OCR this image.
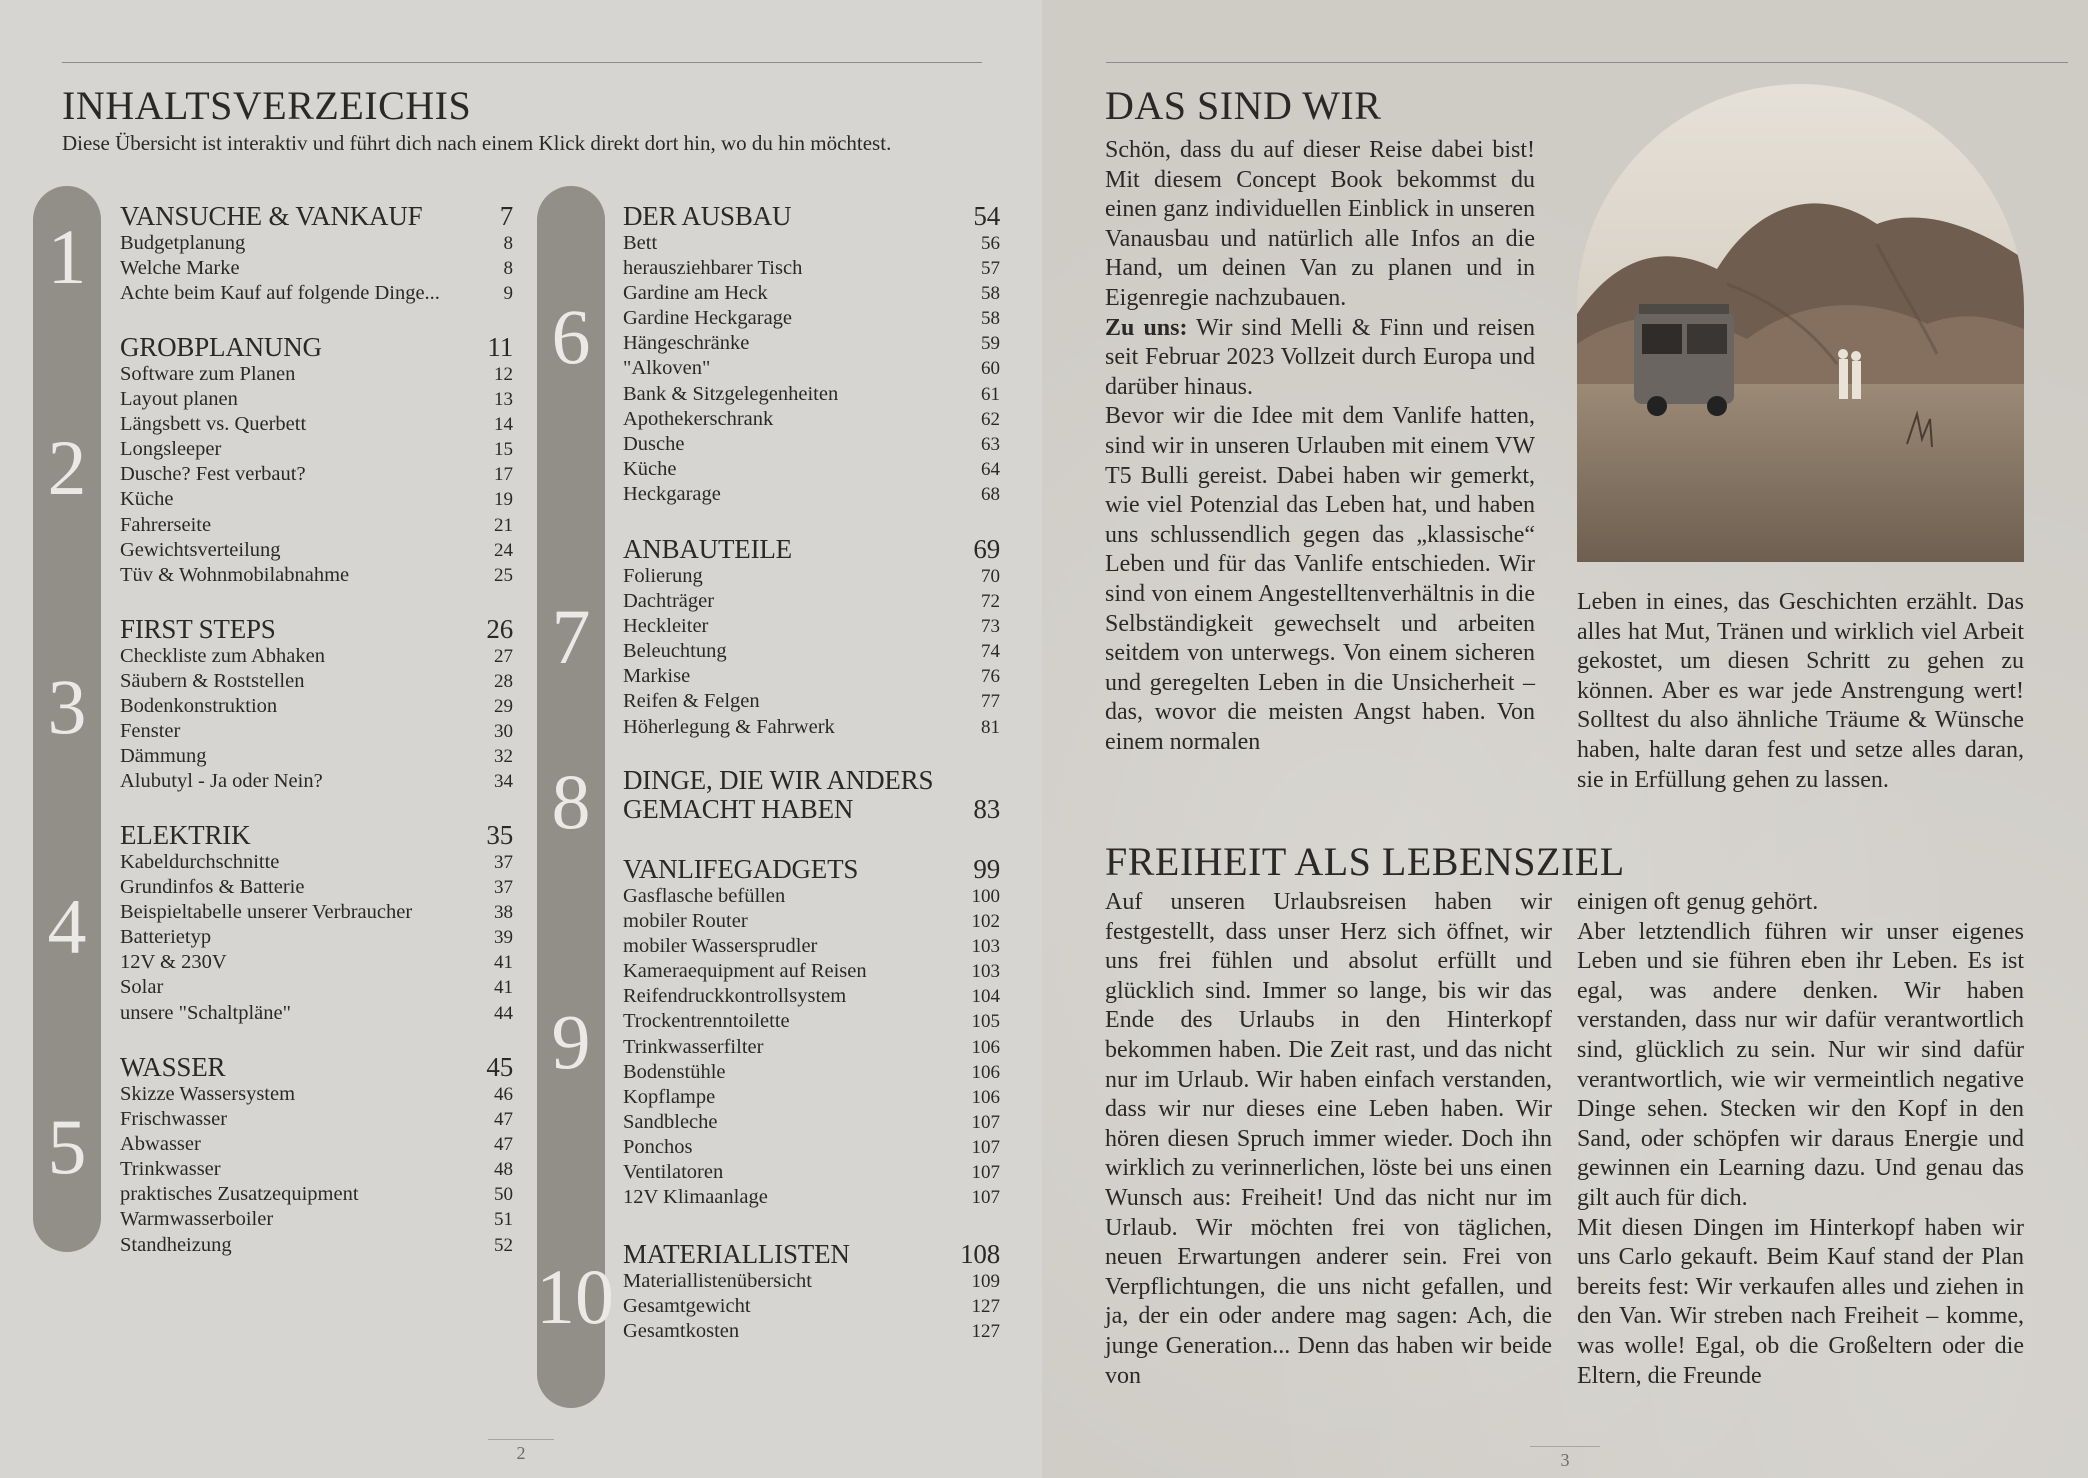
INHALTSVERZEICHIS
Diese Übersicht ist interaktiv und führt dich nach einem Klick direkt dort hin, wo du hin möchtest.
1
2
3
4
5
6
7
8
9
10
VANSUCHE & VANKAUF	7
Budgetplanung	8
Welche Marke	8
Achte beim Kauf auf folgende Dinge...	9
GROBPLANUNG	11
Software zum Planen	12
Layout planen	13
Längsbett vs. Querbett	14
Longsleeper	15
Dusche? Fest verbaut?	17
Küche	19
Fahrerseite	21
Gewichtsverteilung	24
Tüv & Wohnmobilabnahme	25
FIRST STEPS	26
Checkliste zum Abhaken	27
Säubern & Roststellen	28
Bodenkonstruktion	29
Fenster	30
Dämmung	32
Alubutyl - Ja oder Nein?	34
ELEKTRIK	35
Kabeldurchschnitte	37
Grundinfos & Batterie	37
Beispieltabelle unserer Verbraucher	38
Batterietyp	39
12V & 230V	41
Solar	41
unsere "Schaltpläne"	44
WASSER	45
Skizze Wassersystem	46
Frischwasser	47
Abwasser	47
Trinkwasser	48
praktisches Zusatzequipment	50
Warmwasserboiler	51
Standheizung	52
DER AUSBAU	54
Bett	56
herausziehbarer Tisch	57
Gardine am Heck	58
Gardine Heckgarage	58
Hängeschränke	59
"Alkoven"	60
Bank & Sitzgelegenheiten	61
Apothekerschrank	62
Dusche	63
Küche	64
Heckgarage	68
ANBAUTEILE	69
Folierung	70
Dachträger	72
Heckleiter	73
Beleuchtung	74
Markise	76
Reifen & Felgen	77
Höherlegung & Fahrwerk	81
DINGE, DIE WIR ANDERS
GEMACHT HABEN	83
VANLIFEGADGETS	99
Gasflasche befüllen	100
mobiler Router	102
mobiler Wassersprudler	103
Kameraequipment auf Reisen	103
Reifendruckkontrollsystem	104
Trockentrenntoilette	105
Trinkwasserfilter	106
Bodenstühle	106
Kopflampe	106
Sandbleche	107
Ponchos	107
Ventilatoren	107
12V Klimaanlage	107
MATERIALLISTEN	108
Materiallistenübersicht	109
Gesamtgewicht	127
Gesamtkosten	127
2
DAS SIND WIR

Schön, dass du auf dieser Reise dabei bist! Mit diesem Concept Book bekommst du einen ganz individuellen Einblick in unseren Vanausbau und natürlich alle Infos an die Hand, um deinen Van zu planen und in Eigenregie nachzubauen.

Zu uns: Wir sind Melli & Finn und reisen seit Februar 2023 Vollzeit durch Europa und darüber hinaus.

Bevor wir die Idee mit dem Vanlife hatten, sind wir in unseren Urlauben mit einem VW T5 Bulli gereist. Dabei haben wir gemerkt, wie viel Potenzial das Leben hat, und haben uns schlussendlich gegen das „klassische“ Leben und für das Vanlife entschieden. Wir sind von einem Angestelltenverhältnis in die Selbständigkeit gewechselt und arbeiten seitdem von unterwegs. Von einem sicheren und geregelten Leben in die Unsicherheit – das, wovor die meisten Angst haben. Von einem normalen

Leben in eines, das Geschichten erzählt. Das alles hat Mut, Tränen und wirklich viel Arbeit gekostet, um diesen Schritt zu gehen zu können. Aber es war jede Anstrengung wert! Solltest du also ähnliche Träume & Wünsche haben, halte daran fest und setze alles daran, sie in Erfüllung gehen zu lassen.
FREIHEIT ALS LEBENSZIEL
Auf unseren Urlaubsreisen haben wir festgestellt, dass unser Herz sich öffnet, wir uns frei fühlen und absolut erfüllt und glücklich sind. Immer so lange, bis wir das Ende des Urlaubs in den Hinterkopf bekommen haben. Die Zeit rast, und das nicht nur im Urlaub. Wir haben einfach verstanden, dass wir nur dieses eine Leben haben. Wir hören diesen Spruch immer wieder. Doch ihn wirklich zu verinnerlichen, löste bei uns einen Wunsch aus: Freiheit! Und das nicht nur im Urlaub. Wir möchten frei von täglichen, neuen Erwartungen anderer sein. Frei von Verpflichtungen, die uns nicht gefallen, und ja, der ein oder andere mag sagen: Ach, die junge Generation... Denn das haben wir beide von

einigen oft genug gehört.

Aber letztendlich führen wir unser eigenes Leben und sie führen eben ihr Leben. Es ist egal, was andere denken. Wir haben verstanden, dass nur wir dafür verantwortlich sind, glücklich zu sein. Nur wir sind dafür verantwortlich, wie wir vermeintlich negative Dinge sehen. Stecken wir den Kopf in den Sand, oder schöpfen wir daraus Energie und gewinnen ein Learning dazu. Und genau das gilt auch für dich.

Mit diesen Dingen im Hinterkopf haben wir uns Carlo gekauft. Beim Kauf stand der Plan bereits fest: Wir verkaufen alles und ziehen in den Van. Wir streben nach Freiheit – komme, was wolle! Egal, ob die Großeltern oder die Eltern, die Freunde

3
